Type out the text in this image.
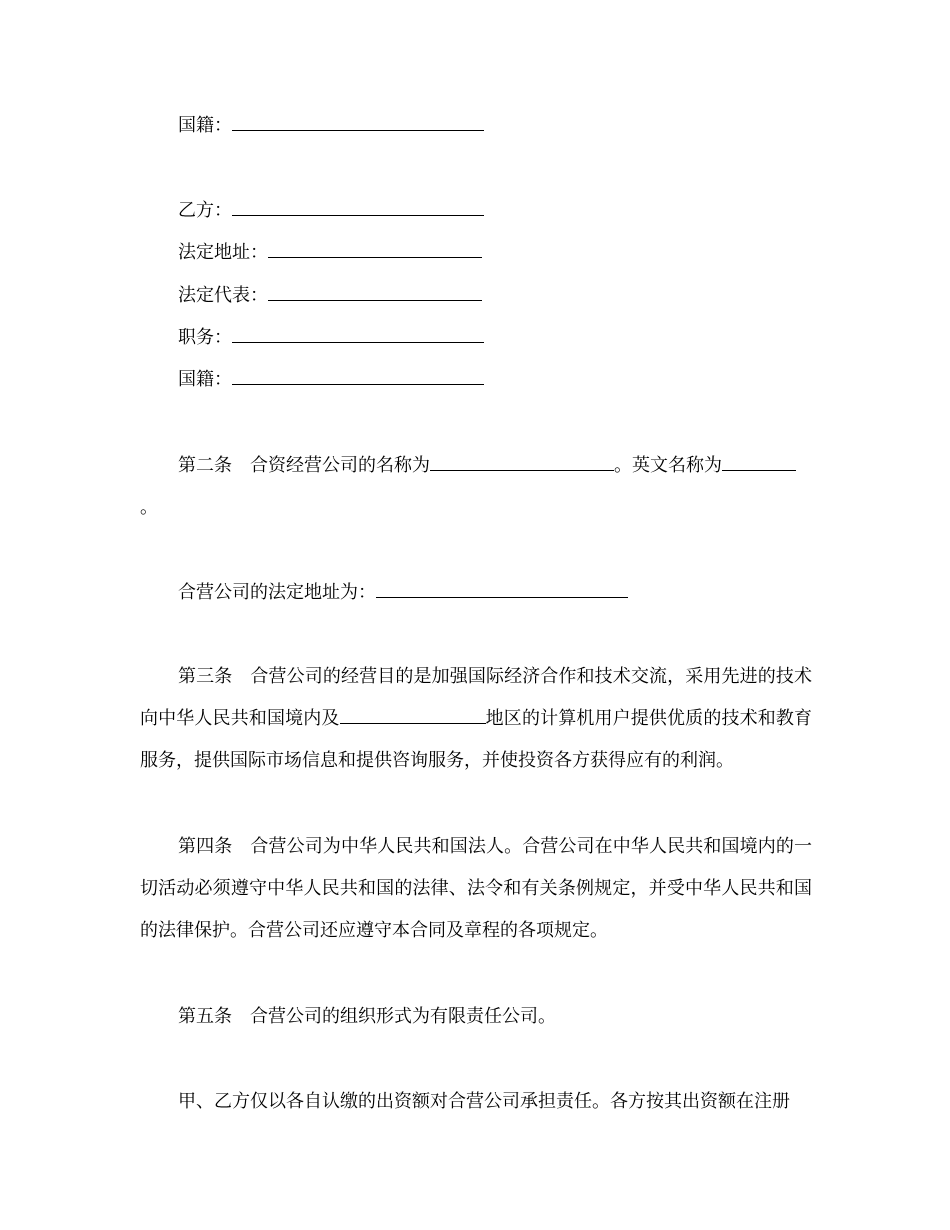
国籍：
乙方：
法定地址：
法定代表：
职务：
国籍：
第二条 合资经营公司的名称为	。英文名称为
。
合营公司的法定地址为：
第三条 合营公司的经营目的是加强国际经济合作和技术交流，采用先进的技术向中华人民共和国境内及	地区的计算机用户提供优质的技术和教育服务，提供国际市场信息和提供咨询服务，并使投资各方获得应有的利润。
第四条 合营公司为中华人民共和国法人。合营公司在中华人民共和国境内的一切活动必须遵守中华人民共和国的法律、法令和有关条例规定，并受中华人民共和国的法律保护。合营公司还应遵守本合同及章程的各项规定。
第五条 合营公司的组织形式为有限责任公司。
甲、乙方仅以各自认缴的出资额对合营公司承担责任。各方按其出资额在注册
